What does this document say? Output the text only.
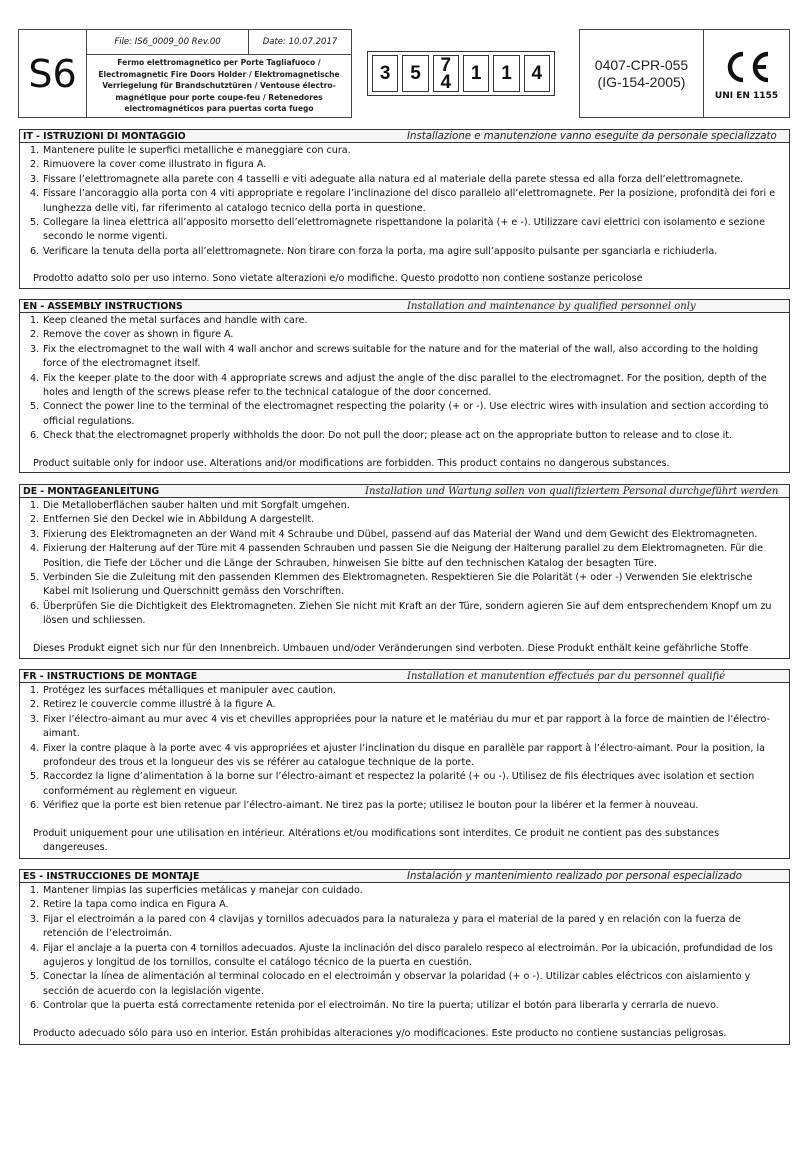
S6
File: IS6_0009_00 Rev.00	Date: 10.07.2017
Fermo elettromagnetico per Porte Tagliafuoco /
Electromagnetic Fire Doors Holder / Elektromagnetische
Verriegelung für Brandschutztüren / Ventouse électro-
magnétique pour porte coupe-feu / Retenedores
electromagnéticos para puertas corta fuego
3	5	7
4	1	1	4	0407-CPR-055
(IG-154-2005)
UNI EN 1155
IT - ISTRUZIONI DI MONTAGGIO	Installazione e manutenzione vanno eseguite da personale specializzato
1. Mantenere pulite le superfici metalliche e maneggiare con cura.
2. Rimuovere la cover come illustrato in figura A.
3. Fissare l’elettromagnete alla parete con 4 tasselli e viti adeguate alla natura ed al materiale della parete stessa ed alla forza dell’elettromagnete.
4. Fissare l’ancoraggio alla porta con 4 viti appropriate e regolare l’inclinazione del disco parallelo all’elettromagnete. Per la posizione, profondità dei fori e lunghezza delle viti, far riferimento al catalogo tecnico della porta in questione.
5. Collegare la linea elettrica all’apposito morsetto dell’elettromagnete rispettandone la polarità (+ e -). Utilizzare cavi elettrici con isolamento e sezione secondo le norme vigenti.
6. Verificare la tenuta della porta all’elettromagnete. Non tirare con forza la porta, ma agire sull’apposito pulsante per sganciarla e richiuderla.

Prodotto adatto solo per uso interno. Sono vietate alterazioni e/o modifiche. Questo prodotto non contiene sostanze pericolose

EN - ASSEMBLY INSTRUCTIONS	Installation and maintenance by qualified personnel only
1. Keep cleaned the metal surfaces and handle with care.
2. Remove the cover as shown in figure A.
3. Fix the electromagnet to the wall with 4 wall anchor and screws suitable for the nature and for the material of the wall, also according to the holding force of the electromagnet itself.
4. Fix the keeper plate to the door with 4 appropriate screws and adjust the angle of the disc parallel to the electromagnet. For the position, depth of the holes and length of the screws please refer to the technical catalogue of the door concerned.
5. Connect the power line to the terminal of the electromagnet respecting the polarity (+ or -). Use electric wires with insulation and section according to official regulations.
6. Check that the electromagnet properly withholds the door. Do not pull the door; please act on the appropriate button to release and to close it.

Product suitable only for indoor use. Alterations and/or modifications are forbidden. This product contains no dangerous substances.

DE - MONTAGEANLEITUNG	Installation und Wartung sollen von qualifiziertem Personal durchgeführt werden
1. Die Metalloberflächen sauber halten und mit Sorgfalt umgehen.
2. Entfernen Sie den Deckel wie in Abbildung A dargestellt.
3. Fixierung des Elektromagneten an der Wand mit 4 Schraube und Dübel, passend auf das Material der Wand und dem Gewicht des Elektromagneten.
4. Fixierung der Halterung auf der Türe mit 4 passenden Schrauben und passen Sie die Neigung der Halterung parallel zu dem Elektromagneten. Für die Position, die Tiefe der Löcher und die Länge der Schrauben, hinweisen Sie bitte auf den technischen Katalog der besagten Türe.
5. Verbinden Sie die Zuleitung mit den passenden Klemmen des Elektromagneten. Respektieren Sie die Polarität (+ oder -) Verwenden Sie elektrische Kabel mit Isolierung und Querschnitt gemäss den Vorschriften.
6. Überprüfen Sie die Dichtigkeit des Elektromagneten. Ziehen Sie nicht mit Kraft an der Türe, sondern agieren Sie auf dem entsprechendem Knopf um zu lösen und schliessen.

Dieses Produkt eignet sich nur für den Innenbreich. Umbauen und/oder Veränderungen sind verboten. Diese Produkt enthält keine gefährliche Stoffe

FR - INSTRUCTIONS DE MONTAGE	Installation et manutention effectués par du personnel qualifié
1. Protégez les surfaces métalliques et manipuler avec caution.
2. Retirez le couvercle comme illustré à la figure A.
3. Fixer l’électro-aimant au mur avec 4 vis et chevilles appropriées pour la nature et le matériau du mur et par rapport à la force de maintien de l’électro-aimant.
4. Fixer la contre plaque à la porte avec 4 vis appropriées et ajuster l’inclination du disque en parallèle par rapport à l’électro-aimant. Pour la position, la profondeur des trous et la longueur des vis se référer au catalogue technique de la porte.
5. Raccordez la ligne d’alimentation à la borne sur l’électro-aimant et respectez la polarité (+ ou -). Utilisez de fils électriques avec isolation et section conformément au règlement en vigueur.
6. Vérifiez que la porte est bien retenue par l’électro-aimant. Ne tirez pas la porte; utilisez le bouton pour la libérer et la fermer à nouveau.

Produit uniquement pour une utilisation en intérieur. Altérations et/ou modifications sont interdites. Ce produit ne contient pas des substances dangereuses.

ES - INSTRUCCIONES DE MONTAJE	Instalación y mantenimiento realizado por personal especializado
1. Mantener limpias las superficies metálicas y manejar con cuidado.
2. Retire la tapa como indica en Figura A.
3. Fijar el electroimán a la pared con 4 clavijas y tornillos adecuados para la naturaleza y para el material de la pared y en relación con la fuerza de retención de l’electroimán.
4. Fijar el anclaje a la puerta con 4 tornillos adecuados. Ajuste la inclinación del disco paralelo respeco al electroimán. Por la ubicación, profundidad de los agujeros y longitud de los tornillos, consulte el catálogo técnico de la puerta en cuestión.
5. Conectar la línea de alimentación al terminal colocado en el electroimán y observar la polaridad (+ o -). Utilizar cables eléctricos con aislamiento y sección de acuerdo con la legislación vigente.
6. Controlar que la puerta está correctamente retenida por el electroimán. No tire la puerta; utilizar el botón para liberarla y cerrarla de nuevo.

Producto adecuado sólo para uso en interior. Están prohibidas alteraciones y/o modificaciones. Este producto no contiene sustancias peligrosas.
